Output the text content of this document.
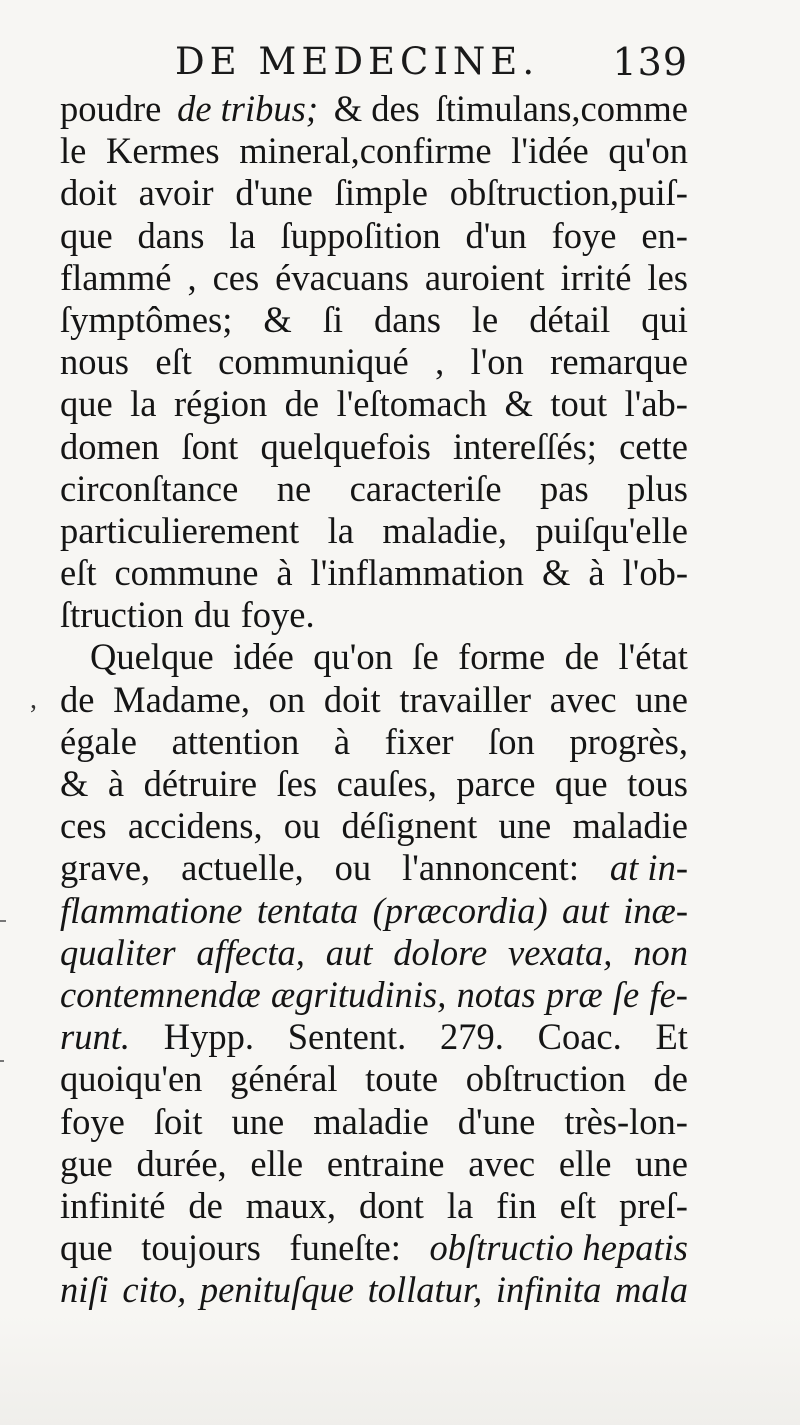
DE MEDECINE. 139
,
poudre de tribus; & des ſtimulans,comme
le Kermes mineral,confirme l'idée qu'on
doit avoir d'une ſimple obſtruction,puiſ-
que dans la ſuppoſition d'un foye en-
flammé , ces évacuans auroient irrité les
ſymptômes; & ſi dans le détail qui
nous eſt communiqué , l'on remarque
que la région de l'eſtomach & tout l'ab-
domen ſont quelquefois intereſſés; cette
circonſtance ne caracteriſe pas plus
particulierement la maladie, puiſqu'elle
eſt commune à l'inflammation & à l'ob-
ſtruction du foye.
Quelque idée qu'on ſe forme de l'état
de Madame, on doit travailler avec une
égale attention à fixer ſon progrès,
& à détruire ſes cauſes, parce que tous
ces accidens, ou déſignent une maladie
grave, actuelle, ou l'annoncent: at in-
flammatione tentata (præcordia) aut inæ-
qualiter affecta, aut dolore vexata, non
contemnendæ ægritudinis, notas præ ſe fe-
runt. Hypp. Sentent. 279. Coac. Et
quoiqu'en général toute obſtruction de
foye ſoit une maladie d'une très-lon-
gue durée, elle entraine avec elle une
infinité de maux, dont la fin eſt preſ-
que toujours funeſte: obſtructio hepatis
niſi cito, penituſque tollatur, infinita mala
